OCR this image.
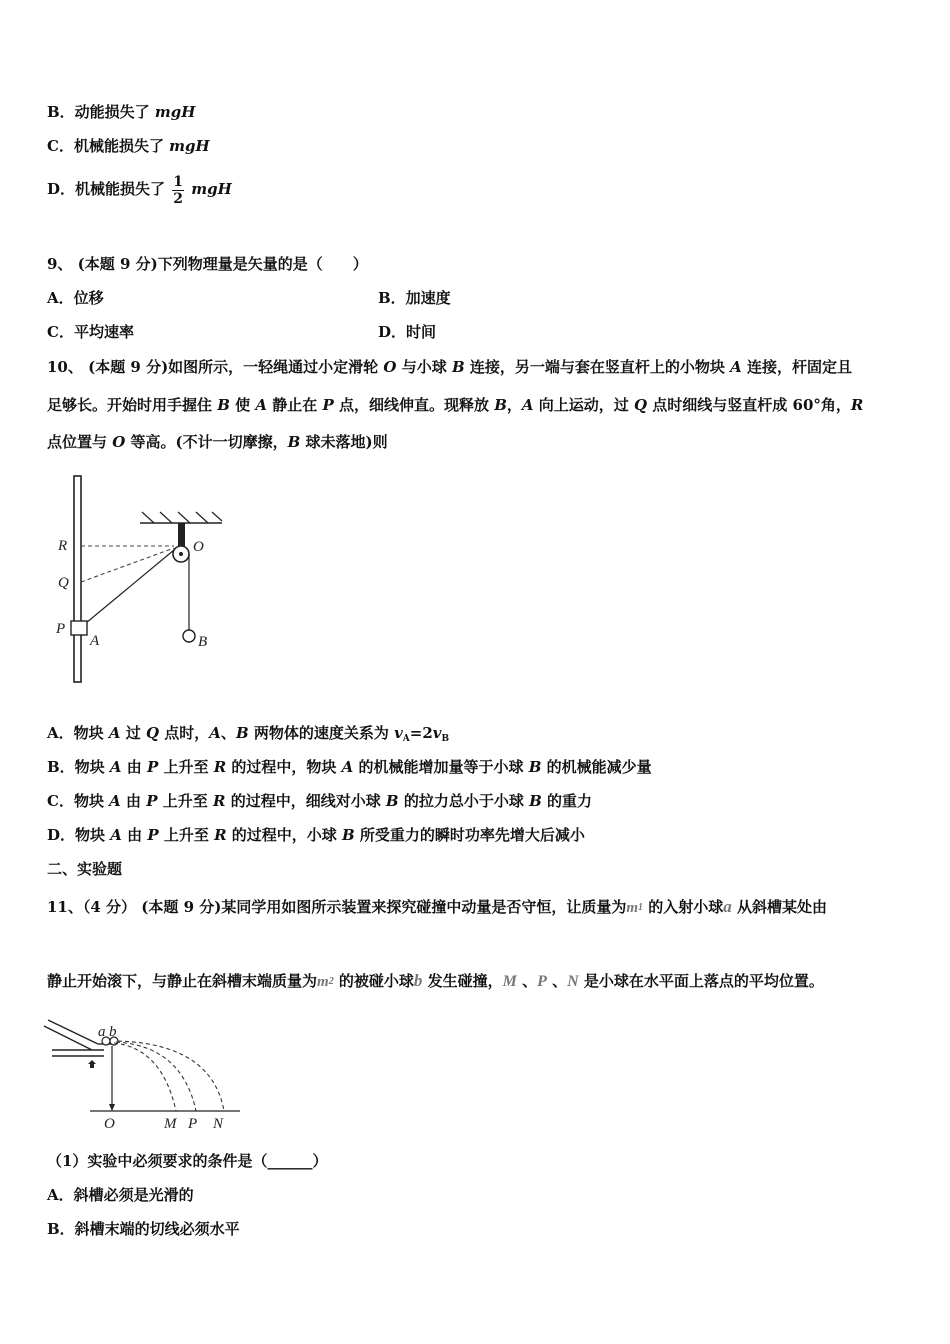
B．动能损失了 mgH
C．机械能损失了 mgH
D．机械能损失了 $\frac{1}{2}$ mgH
9、 (本题 9 分)下列物理量是矢量的是（　　）
A．位移	B．加速度
C．平均速率	D．时间
10、 (本题 9 分)如图所示，一轻绳通过小定滑轮 O 与小球 B 连接，另一端与套在竖直杆上的小物块 A 连接，杆固定且
足够长。开始时用手握住 B 使 A 静止在 P 点，细线伸直。现释放 B，A 向上运动，过 Q 点时细线与竖直杆成 60°角，R
点位置与 O 等高。(不计一切摩擦，B 球未落地)则
R
Q
P
A
O
B
A．物块 A 过 Q 点时，A、B 两物体的速度关系为 $v_A=2v_B$
B．物块 A 由 P 上升至 R 的过程中，物块 A 的机械能增加量等于小球 B 的机械能减少量
C．物块 A 由 P 上升至 R 的过程中，细线对小球 B 的拉力总小于小球 B 的重力
D．物块 A 由 P 上升至 R 的过程中，小球 B 所受重力的瞬时功率先增大后减小
二、实验题
11、（4 分） (本题 9 分)某同学用如图所示装置来探究碰撞中动量是否守恒，让质量为m1 的入射小球a 从斜槽某处由
静止开始滚下，与静止在斜槽末端质量为m2 的被碰小球b 发生碰撞，M 、P 、N 是小球在水平面上落点的平均位置。
a b
O	M P N
（1）实验中必须要求的条件是（______）
A．斜槽必须是光滑的
B．斜槽末端的切线必须水平
